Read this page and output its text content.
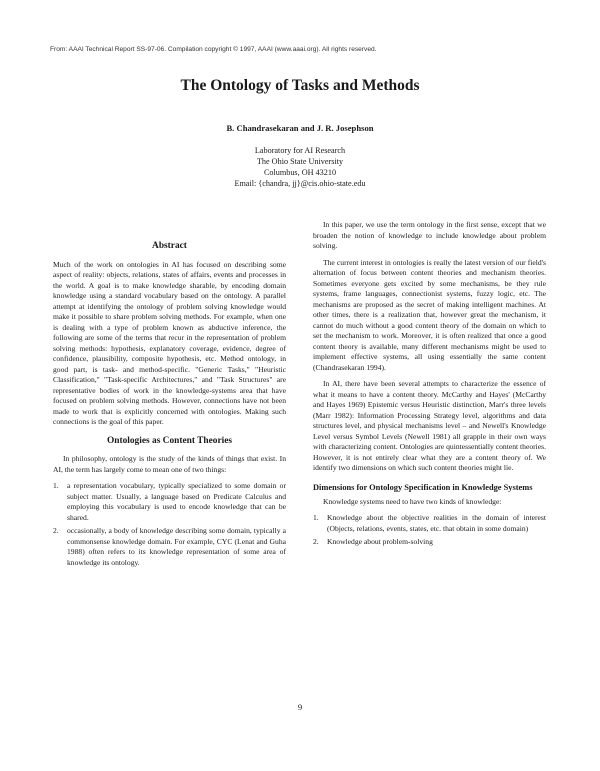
From: AAAI Technical Report SS-97-06. Compilation copyright © 1997, AAAI (www.aaai.org). All rights reserved.
The Ontology of Tasks and Methods
B. Chandrasekaran and J. R. Josephson
Laboratory for AI Research
The Ohio State University
Columbus, OH 43210
Email: {chandra, jj}@cis.ohio-state.edu
Abstract

Much of the work on ontologies in AI has focused on describing some aspect of reality: objects, relations, states of affairs, events and processes in the world. A goal is to make knowledge sharable, by encoding domain knowledge using a standard vocabulary based on the ontology. A parallel attempt at identifying the ontology of problem solving knowledge would make it possible to share problem solving methods. For example, when one is dealing with a type of problem known as abductive inference, the following are some of the terms that recur in the representation of problem solving methods: hypothesis, explanatory coverage, evidence, degree of confidence, plausibility, composite hypothesis, etc. Method ontology, in good part, is task- and method-specific. "Generic Tasks," "Heuristic Classification," "Task-specific Architectures," and "Task Structures" are representative bodies of work in the knowledge-systems area that have focused on problem solving methods. However, connections have not been made to work that is explicitly concerned with ontologies. Making such connections is the goal of this paper.

Ontologies as Content Theories

In philosophy, ontology is the study of the kinds of things that exist. In AI, the term has largely come to mean one of two things:

1. a representation vocabulary, typically specialized to some domain or subject matter. Usually, a language based on Predicate Calculus and employing this vocabulary is used to encode knowledge that can be shared.
2. occasionally, a body of knowledge describing some domain, typically a commonsense knowledge domain. For example, CYC (Lenat and Guha 1988) often refers to its knowledge representation of some area of knowledge its ontology.

In this paper, we use the term ontology in the first sense, except that we broaden the notion of knowledge to include knowledge about problem solving.

The current interest in ontologies is really the latest version of our field's alternation of focus between content theories and mechanism theories. Sometimes everyone gets excited by some mechanisms, be they rule systems, frame languages, connectionist systems, fuzzy logic, etc. The mechanisms are proposed as the secret of making intelligent machines. At other times, there is a realization that, however great the mechanism, it cannot do much without a good content theory of the domain on which to set the mechanism to work. Moreover, it is often realized that once a good content theory is available, many different mechanisms might be used to implement effective systems, all using essentially the same content (Chandrasekaran 1994).

In AI, there have been several attempts to characterize the essence of what it means to have a content theory. McCarthy and Hayes' (McCarthy and Hayes 1969) Epistemic versus Heuristic distinction, Marr's three levels (Marr 1982): Information Processing Strategy level, algorithms and data structures level, and physical mechanisms level – and Newell's Knowledge Level versus Symbol Levels (Newell 1981) all grapple in their own ways with characterizing content. Ontologies are quintessentially content theories. However, it is not entirely clear what they are a content theory of. We identify two dimensions on which such content theories might lie.

Dimensions for Ontology Specification in Knowledge Systems

Knowledge systems need to have two kinds of knowledge:

1. Knowledge about the objective realities in the domain of interest (Objects, relations, events, states, etc. that obtain in some domain)
2. Knowledge about problem-solving
9
